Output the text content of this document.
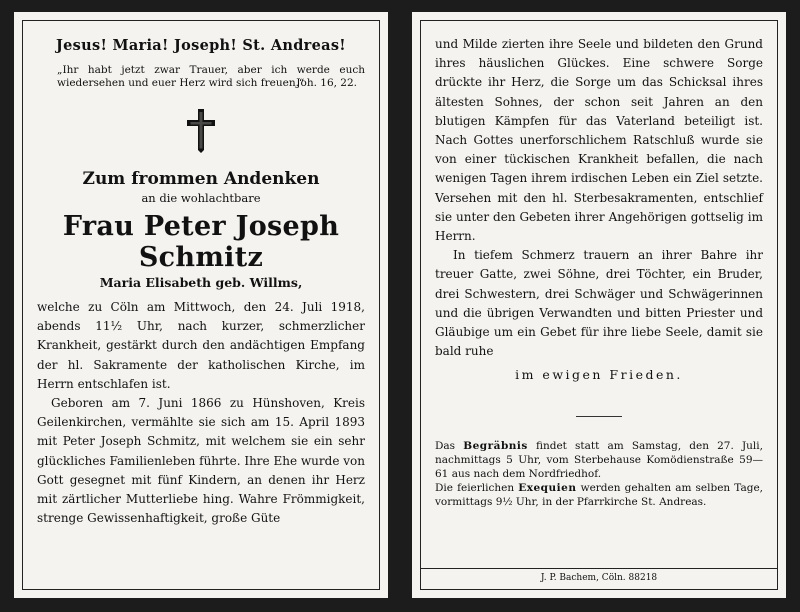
Jesus! Maria! Joseph! St. Andreas!
„Ihr habt jetzt zwar Trauer, aber ich werde euch wiedersehen und euer Herz wird sich freuen.“
Joh. 16, 22.
Zum frommen Andenken
an die wohlachtbare
Frau Peter Joseph Schmitz
Maria Elisabeth geb. Willms,

welche zu Cöln am Mittwoch, den 24. Juli 1918, abends 11½ Uhr, nach kurzer, schmerzlicher Krankheit, gestärkt durch den andächtigen Empfang der hl. Sakramente der katholischen Kirche, im Herrn entschlafen ist.

Geboren am 7. Juni 1866 zu Hünshoven, Kreis Geilenkirchen, vermählte sie sich am 15. April 1893 mit Peter Joseph Schmitz, mit welchem sie ein sehr glückliches Familienleben führte. Ihre Ehe wurde von Gott gesegnet mit fünf Kindern, an denen ihr Herz mit zärtlicher Mutterliebe hing. Wahre Frömmigkeit, strenge Gewissenhaftigkeit, große Güte

und Milde zierten ihre Seele und bildeten den Grund ihres häuslichen Glückes. Eine schwere Sorge drückte ihr Herz, die Sorge um das Schicksal ihres ältesten Sohnes, der schon seit Jahren an den blutigen Kämpfen für das Vaterland beteiligt ist. Nach Gottes unerforschlichem Ratschluß wurde sie von einer tückischen Krankheit befallen, die nach wenigen Tagen ihrem irdischen Leben ein Ziel setzte. Versehen mit den hl. Sterbesakramenten, entschlief sie unter den Gebeten ihrer Angehörigen gottselig im Herrn.

In tiefem Schmerz trauern an ihrer Bahre ihr treuer Gatte, zwei Söhne, drei Töchter, ein Bruder, drei Schwestern, drei Schwäger und Schwägerinnen und die übrigen Verwandten und bitten Priester und Gläubige um ein Gebet für ihre liebe Seele, damit sie bald ruhe

im ewigen Frieden.

Das Begräbnis findet statt am Samstag, den 27. Juli, nachmittags 5 Uhr, vom Sterbehause Komödienstraße 59—61 aus nach dem Nordfriedhof.

Die feierlichen Exequien werden gehalten am selben Tage, vormittags 9½ Uhr, in der Pfarrkirche St. Andreas.

J. P. Bachem, Cöln. 88218
